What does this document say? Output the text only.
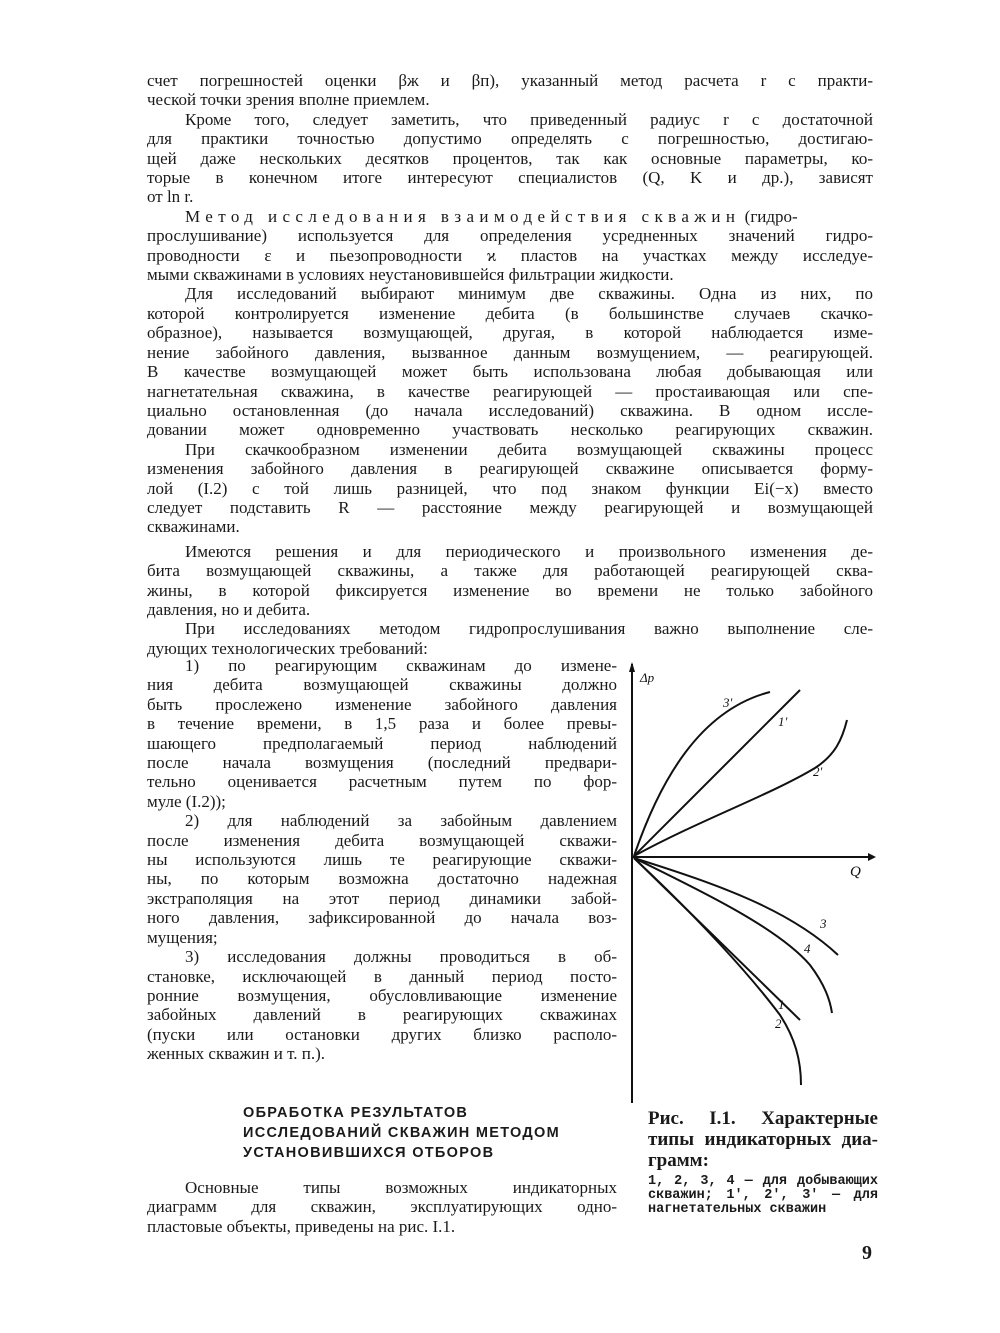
счет погрешностей оценки βж и βп), указанный метод расчета r с практи-
ческой точки зрения вполне приемлем.
Кроме того, следует заметить, что приведенный радиус r с достаточной
для практики точностью допустимо определять с погрешностью, достигаю-
щей даже нескольких десятков процентов, так как основные параметры, ко-
торые в конечном итоге интересуют специалистов (Q, K и др.), зависят
от ln r.
Метод исследования взаимодействия скважин (гидро-
прослушивание) используется для определения усредненных значений гидро-
проводности ε и пьезопроводности ϰ пластов на участках между исследуе-
мыми скважинами в условиях неустановившейся фильтрации жидкости.
Для исследований выбирают минимум две скважины. Одна из них, по
которой контролируется изменение дебита (в большинстве случаев скачко-
образное), называется возмущающей, другая, в которой наблюдается изме-
нение забойного давления, вызванное данным возмущением, — реагирующей.
В качестве возмущающей может быть использована любая добывающая или
нагнетательная скважина, в качестве реагирующей — простаивающая или спе-
циально остановленная (до начала исследований) скважина. В одном иссле-
довании может одновременно участвовать несколько реагирующих скважин.
При скачкообразном изменении дебита возмущающей скважины процесс
изменения забойного давления в реагирующей скважине описывается форму-
лой (I.2) с той лишь разницей, что под знаком функции Ei(−x) вместо
следует подставить R — расстояние между реагирующей и возмущающей
скважинами.
Имеются решения и для периодического и произвольного изменения де-
бита возмущающей скважины, а также для работающей реагирующей сква-
жины, в которой фиксируется изменение во времени не только забойного
давления, но и дебита.
При исследованиях методом гидропрослушивания важно выполнение сле-
дующих технологических требований:
1) по реагирующим скважинам до измене-
ния дебита возмущающей скважины должно
быть прослежено изменение забойного давления
в течение времени, в 1,5 раза и более превы-
шающего предполагаемый период наблюдений
после начала возмущения (последний предвари-
тельно оценивается расчетным путем по фор-
муле (I.2));
2) для наблюдений за забойным давлением
после изменения дебита возмущающей скважи-
ны используются лишь те реагирующие скважи-
ны, по которым возможна достаточно надежная
экстраполяция на этот период динамики забой-
ного давления, зафиксированной до начала воз-
мущения;
3) исследования должны проводиться в об-
становке, исключающей в данный период посто-
ронние возмущения, обусловливающие изменение
забойных давлений в реагирующих скважинах
(пуски или остановки других близко располо-
женных скважин и т. п.).
Δp
Q
3′
1′
2′
3
4
1
2
ОБРАБОТКА РЕЗУЛЬТАТОВ
ИССЛЕДОВАНИЙ СКВАЖИН МЕТОДОМ
УСТАНОВИВШИХСЯ ОТБОРОВ
Основные типы возможных индикаторных
диаграмм для скважин, эксплуатирующих одно-
пластовые объекты, приведены на рис. I.1.
Рис. I.1. Характерные типы индикаторных диа-грамм:
1, 2, 3, 4 — для добывающих скважин; 1′, 2′, 3′ — для нагнетательных скважин
9
